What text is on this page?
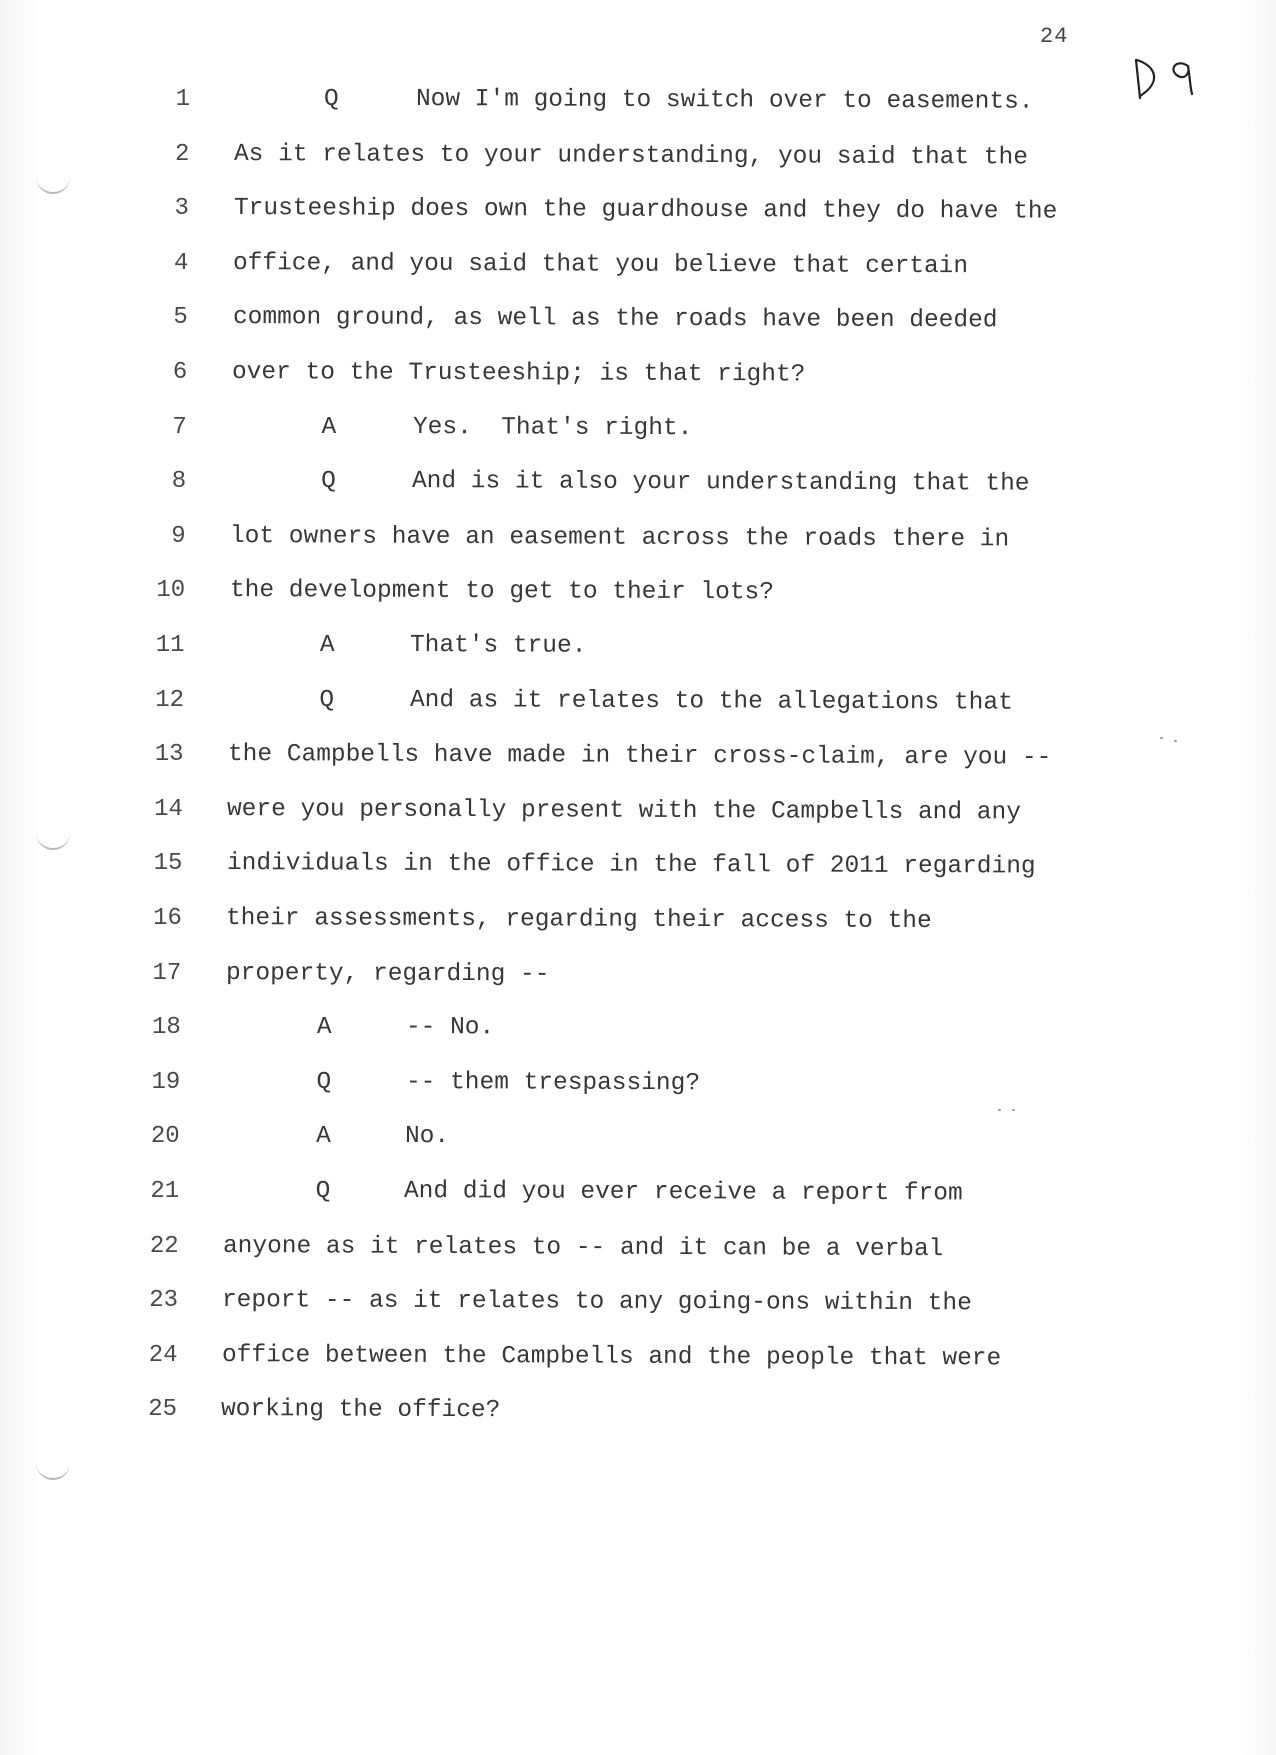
24
1	Q	Now I'm going to switch over to easements.
2 As it relates to your understanding, you said that the
3 Trusteeship does own the guardhouse and they do have the
4 office, and you said that you believe that certain
5 common ground, as well as the roads have been deeded
6 over to the Trusteeship; is that right?
7	A	Yes.  That's right.
8	Q	And is it also your understanding that the
9 lot owners have an easement across the roads there in
10 the development to get to their lots?
11	A	That's true.
12	Q	And as it relates to the allegations that
13 the Campbells have made in their cross-claim, are you --
14 were you personally present with the Campbells and any
15 individuals in the office in the fall of 2011 regarding
16 their assessments, regarding their access to the
17 property, regarding --
18	A	-- No.
19	Q	-- them trespassing?
20	A	No.
21	Q	And did you ever receive a report from
22 anyone as it relates to -- and it can be a verbal
23 report -- as it relates to any going-ons within the
24 office between the Campbells and the people that were
25 working the office?
